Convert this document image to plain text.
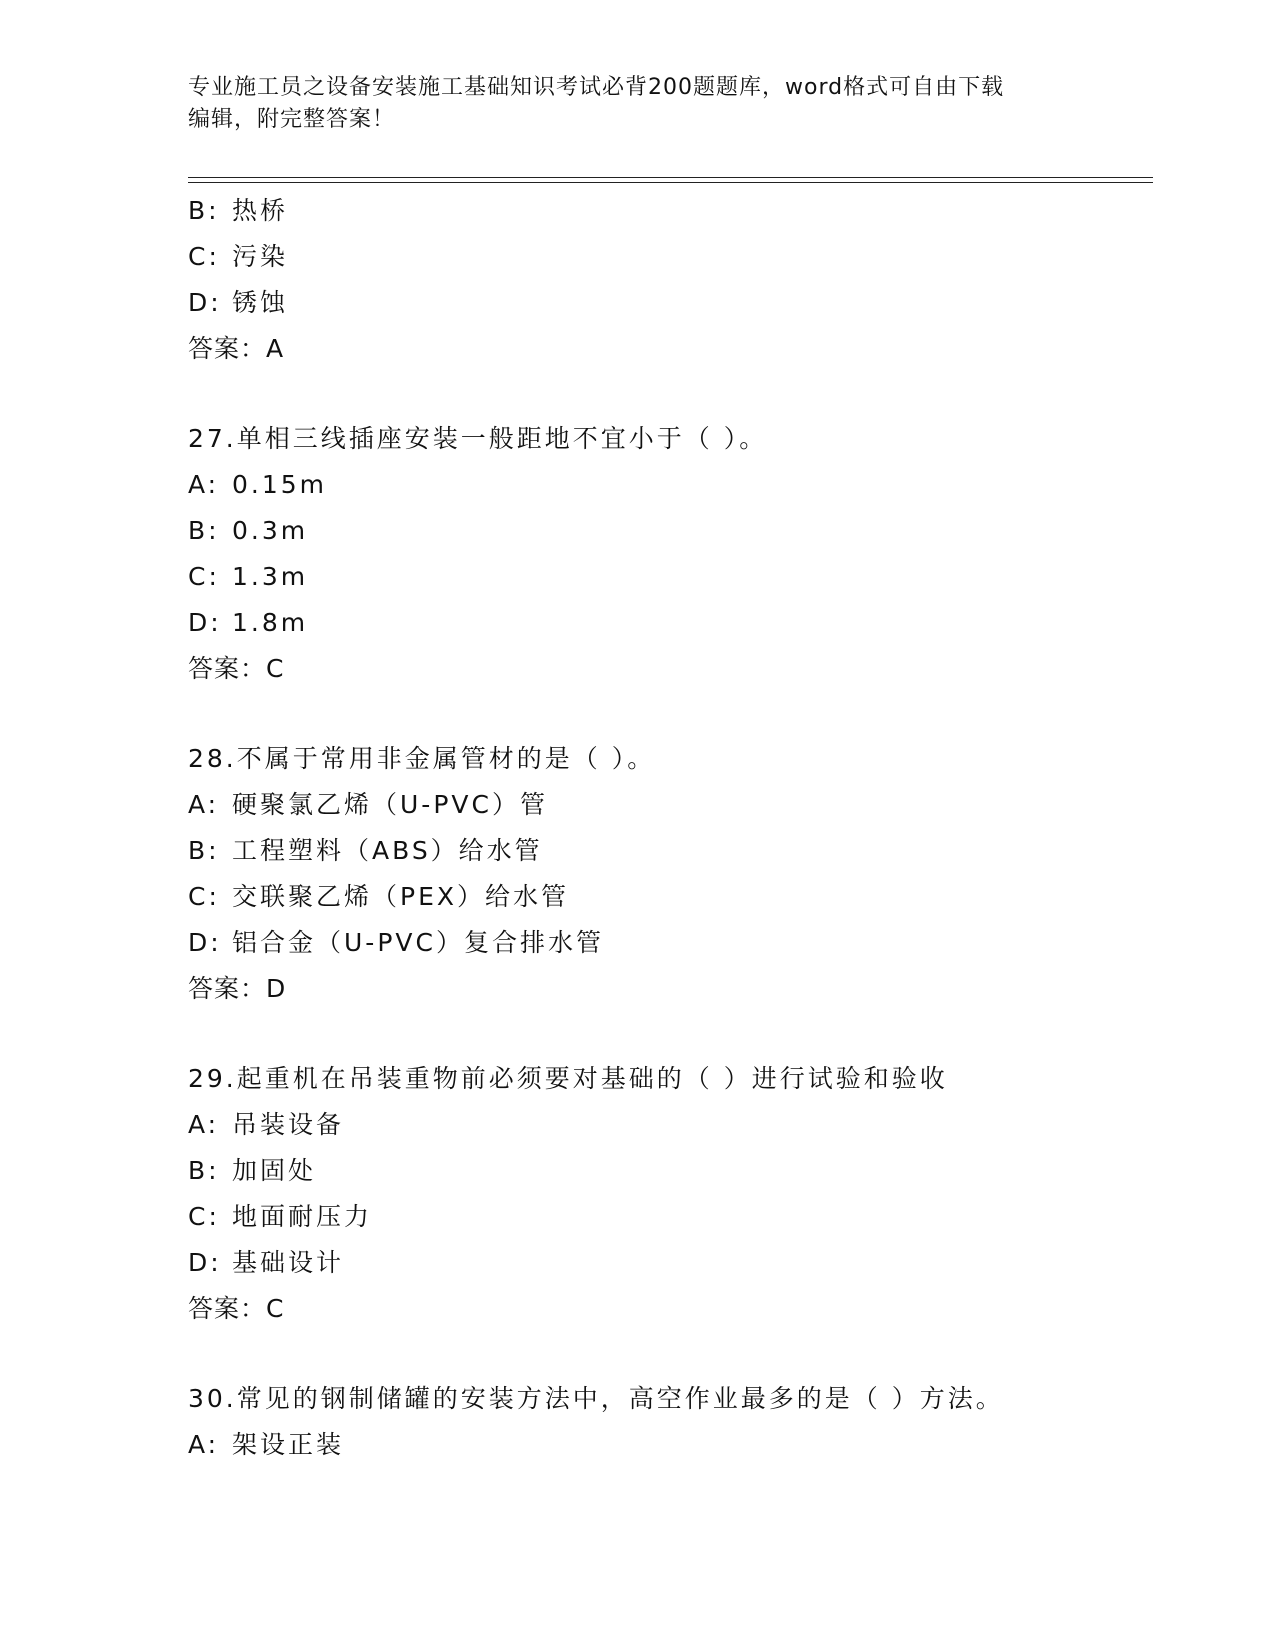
专业施工员之设备安装施工基础知识考试必背200题题库，word格式可自由下载
编辑，附完整答案！
B: 热桥
C: 污染
D: 锈蚀
答案：A
27.单相三线插座安装一般距地不宜小于（ ）。
A: 0.15m
B: 0.3m
C: 1.3m
D: 1.8m
答案：C
28.不属于常用非金属管材的是（ ）。
A: 硬聚氯乙烯（U-PVC）管
B: 工程塑料（ABS）给水管
C: 交联聚乙烯（PEX）给水管
D: 铝合金（U-PVC）复合排水管
答案：D
29.起重机在吊装重物前必须要对基础的（ ）进行试验和验收
A: 吊装设备
B: 加固处
C: 地面耐压力
D: 基础设计
答案：C
30.常见的钢制储罐的安装方法中，高空作业最多的是（ ）方法。
A: 架设正装
